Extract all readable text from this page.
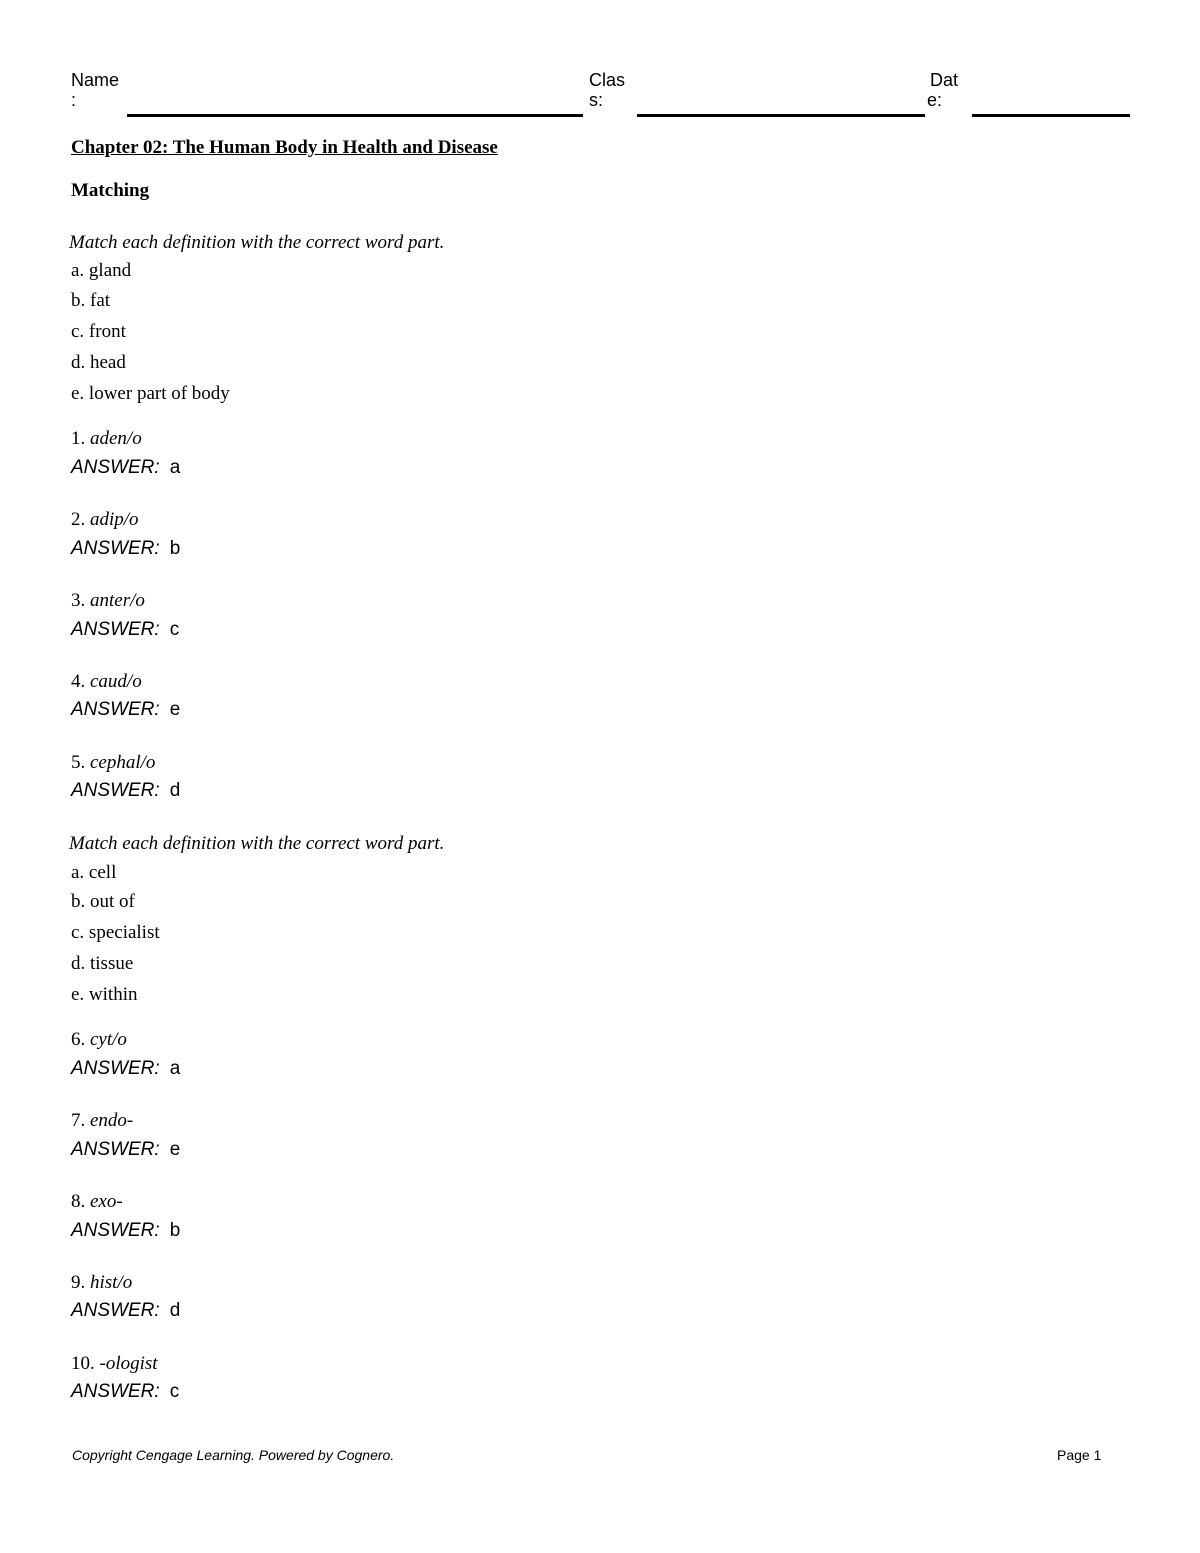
Name
:
Clas
s:
Dat
e:
Chapter 02: The Human Body in Health and Disease
Matching
Match each definition with the correct word part.
a. gland
b. fat
c. front
d. head
e. lower part of body
1. aden/o
ANSWER: a
2. adip/o
ANSWER: b
3. anter/o
ANSWER: c
4. caud/o
ANSWER: e
5. cephal/o
ANSWER: d
Match each definition with the correct word part.
a. cell
b. out of
c. specialist
d. tissue
e. within
6. cyt/o
ANSWER: a
7. endo-
ANSWER: e
8. exo-
ANSWER: b
9. hist/o
ANSWER: d
10. -ologist
ANSWER: c
Copyright Cengage Learning. Powered by Cognero.	Page 1
